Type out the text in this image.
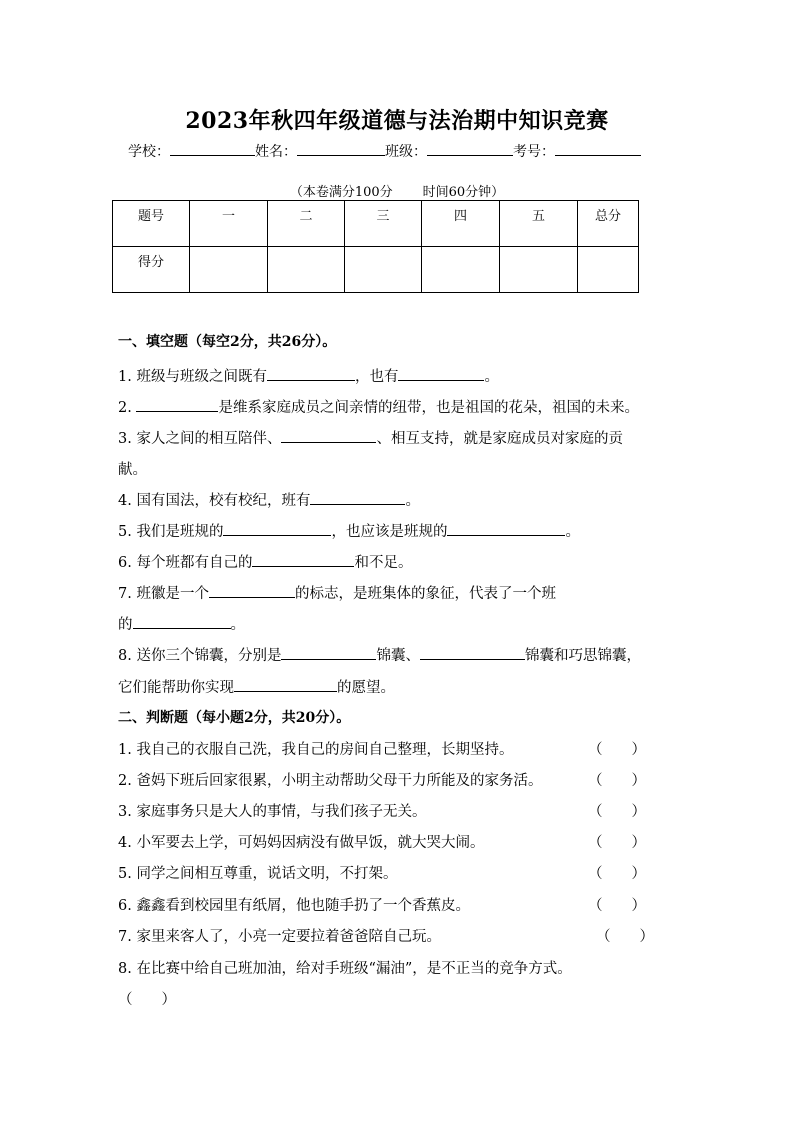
2023年秋四年级道德与法治期中知识竞赛
学校：	姓名：	班级：	考号：
（本卷满分100分 时间60分钟）
题号	一	二	三	四	五	总分
得分						
一、填空题（每空2分，共26分）。
1. 班级与班级之间既有	，也有	。
2.	是维系家庭成员之间亲情的纽带，也是祖国的花朵，祖国的未来。
3. 家人之间的相互陪伴、	、相互支持，就是家庭成员对家庭的贡
献。
4. 国有国法，校有校纪，班有	。
5. 我们是班规的	，也应该是班规的	。
6. 每个班都有自己的	和不足。
7. 班徽是一个	的标志，是班集体的象征，代表了一个班
的	。
8. 送你三个锦囊，分别是	锦囊、	锦囊和巧思锦囊，
它们能帮助你实现	的愿望。
二、判断题（每小题2分，共20分）。
1. 我自己的衣服自己洗，我自己的房间自己整理，长期坚持。	（　　）
2. 爸妈下班后回家很累，小明主动帮助父母干力所能及的家务活。	（　　）
3. 家庭事务只是大人的事情，与我们孩子无关。	（　　）
4. 小军要去上学，可妈妈因病没有做早饭，就大哭大闹。	（　　）
5. 同学之间相互尊重，说话文明，不打架。	（　　）
6. 鑫鑫看到校园里有纸屑，他也随手扔了一个香蕉皮。	（　　）
7. 家里来客人了，小亮一定要拉着爸爸陪自己玩。	（　　）
8. 在比赛中给自己班加油，给对手班级“漏油”，是不正当的竞争方式。
（　　）
